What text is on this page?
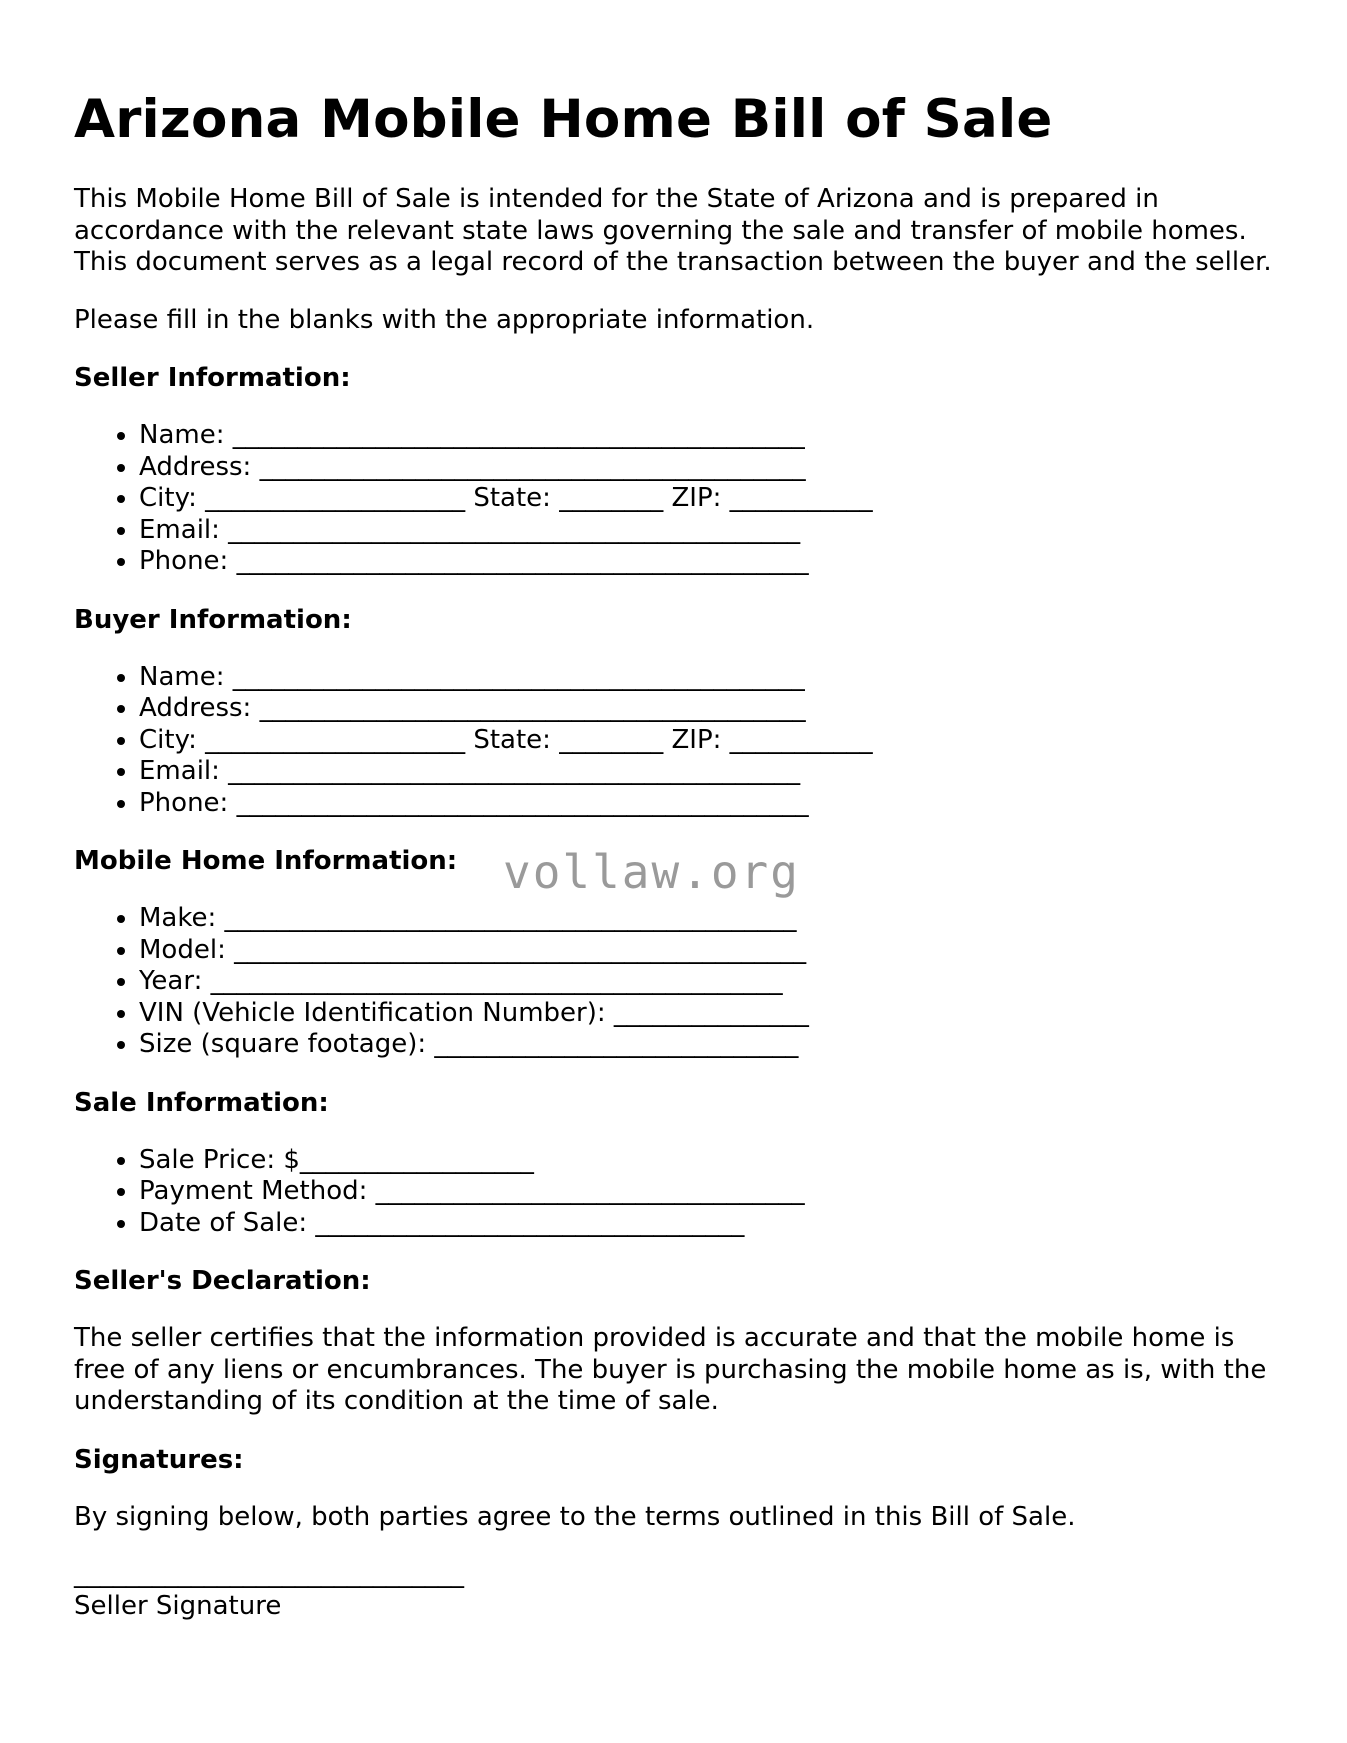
Arizona Mobile Home Bill of Sale

This Mobile Home Bill of Sale is intended for the State of Arizona and is prepared in accordance with the relevant state laws governing the sale and transfer of mobile homes. This document serves as a legal record of the transaction between the buyer and the seller.

Please fill in the blanks with the appropriate information.

Seller Information:
• Name: ____________________________________________
• Address: __________________________________________
• City: ____________________ State: ________ ZIP: ___________
• Email: ____________________________________________
• Phone: ____________________________________________
Buyer Information:
• Name: ____________________________________________
• Address: __________________________________________
• City: ____________________ State: ________ ZIP: ___________
• Email: ____________________________________________
• Phone: ____________________________________________
Mobile Home Information:
• Make: ____________________________________________
• Model: ____________________________________________
• Year: ____________________________________________
• VIN (Vehicle Identification Number): _______________
• Size (square footage): ____________________________
Sale Information:
• Sale Price: $__________________
• Payment Method: _________________________________
• Date of Sale: _________________________________
Seller's Declaration:

The seller certifies that the information provided is accurate and that the mobile home is free of any liens or encumbrances. The buyer is purchasing the mobile home as is, with the understanding of its condition at the time of sale.

Signatures:

By signing below, both parties agree to the terms outlined in this Bill of Sale.

______________________________

Seller Signature

vollaw.org
